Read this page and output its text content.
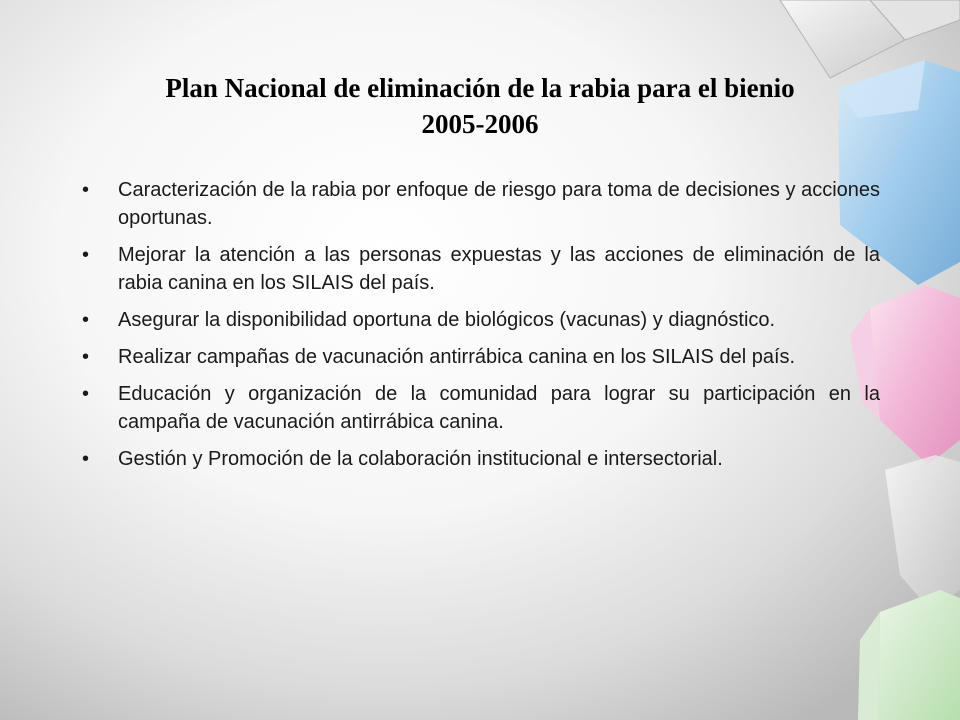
Plan Nacional de eliminación de la rabia para el bienio
2005-2006
• Caracterización de la rabia por enfoque de riesgo para toma de decisiones y acciones oportunas.
• Mejorar la atención a las personas expuestas y las acciones de eliminación de la rabia canina en los SILAIS del país.
• Asegurar la disponibilidad oportuna de biológicos (vacunas) y diagnóstico.
• Realizar campañas de vacunación antirrábica canina en los SILAIS del país.
• Educación y organización de la comunidad para lograr su participación en la campaña de vacunación antirrábica canina.
• Gestión y Promoción de la colaboración institucional e intersectorial.
